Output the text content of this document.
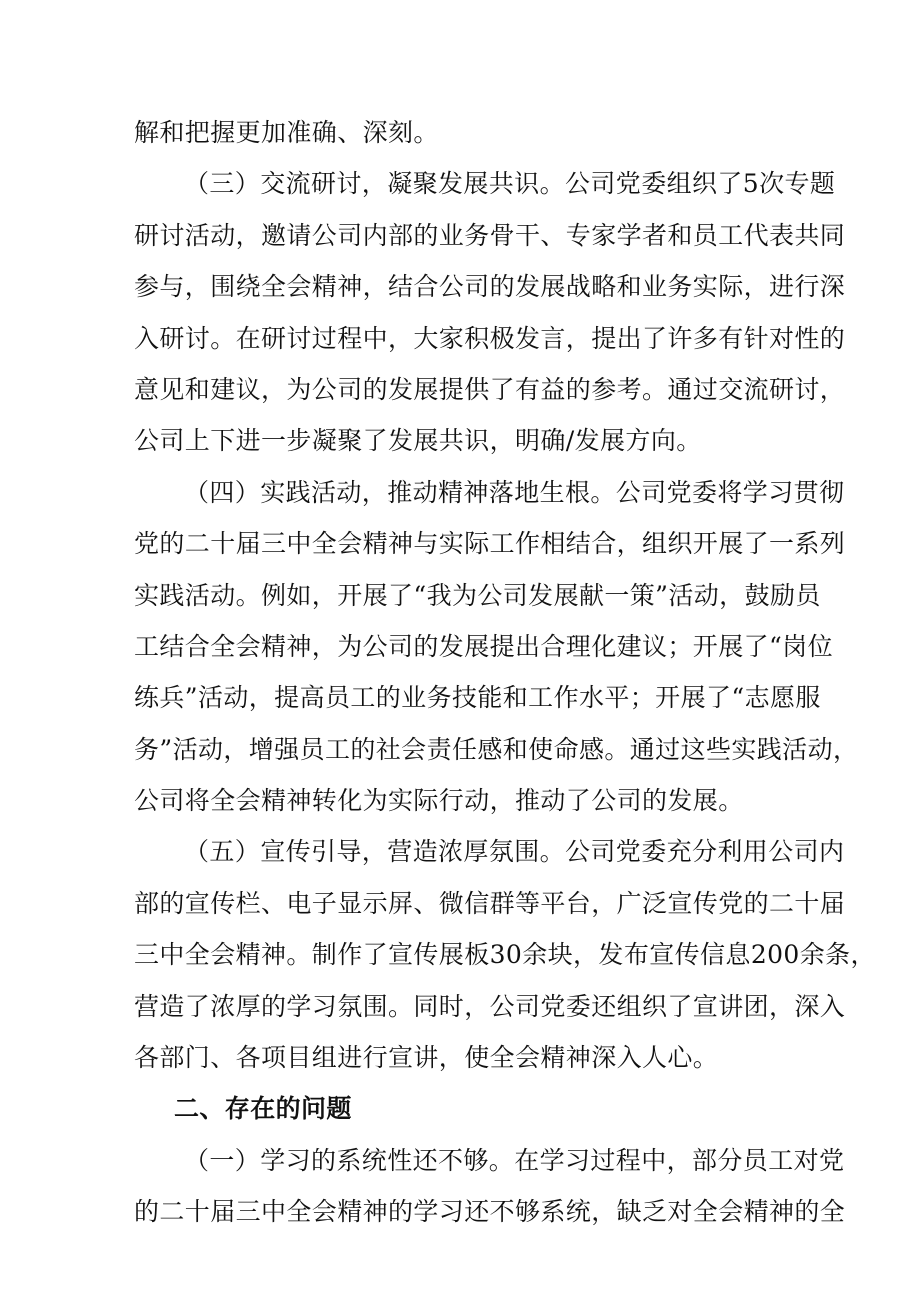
解和把握更加准确、深刻。
（三）交流研讨，凝聚发展共识。公司党委组织了5次专题
研讨活动，邀请公司内部的业务骨干、专家学者和员工代表共同
参与，围绕全会精神，结合公司的发展战略和业务实际，进行深
入研讨。在研讨过程中，大家积极发言，提出了许多有针对性的
意见和建议，为公司的发展提供了有益的参考。通过交流研讨，
公司上下进一步凝聚了发展共识，明确/发展方向。
（四）实践活动，推动精神落地生根。公司党委将学习贯彻
党的二十届三中全会精神与实际工作相结合，组织开展了一系列
实践活动。例如，开展了“我为公司发展献一策”活动，鼓励员
工结合全会精神，为公司的发展提出合理化建议；开展了“岗位
练兵”活动，提高员工的业务技能和工作水平；开展了“志愿服
务”活动，增强员工的社会责任感和使命感。通过这些实践活动，
公司将全会精神转化为实际行动，推动了公司的发展。
（五）宣传引导，营造浓厚氛围。公司党委充分利用公司内
部的宣传栏、电子显示屏、微信群等平台，广泛宣传党的二十届
三中全会精神。制作了宣传展板30余块，发布宣传信息200余条，
营造了浓厚的学习氛围。同时，公司党委还组织了宣讲团，深入
各部门、各项目组进行宣讲，使全会精神深入人心。
二、存在的问题
（一）学习的系统性还不够。在学习过程中，部分员工对党
的二十届三中全会精神的学习还不够系统，缺乏对全会精神的全
